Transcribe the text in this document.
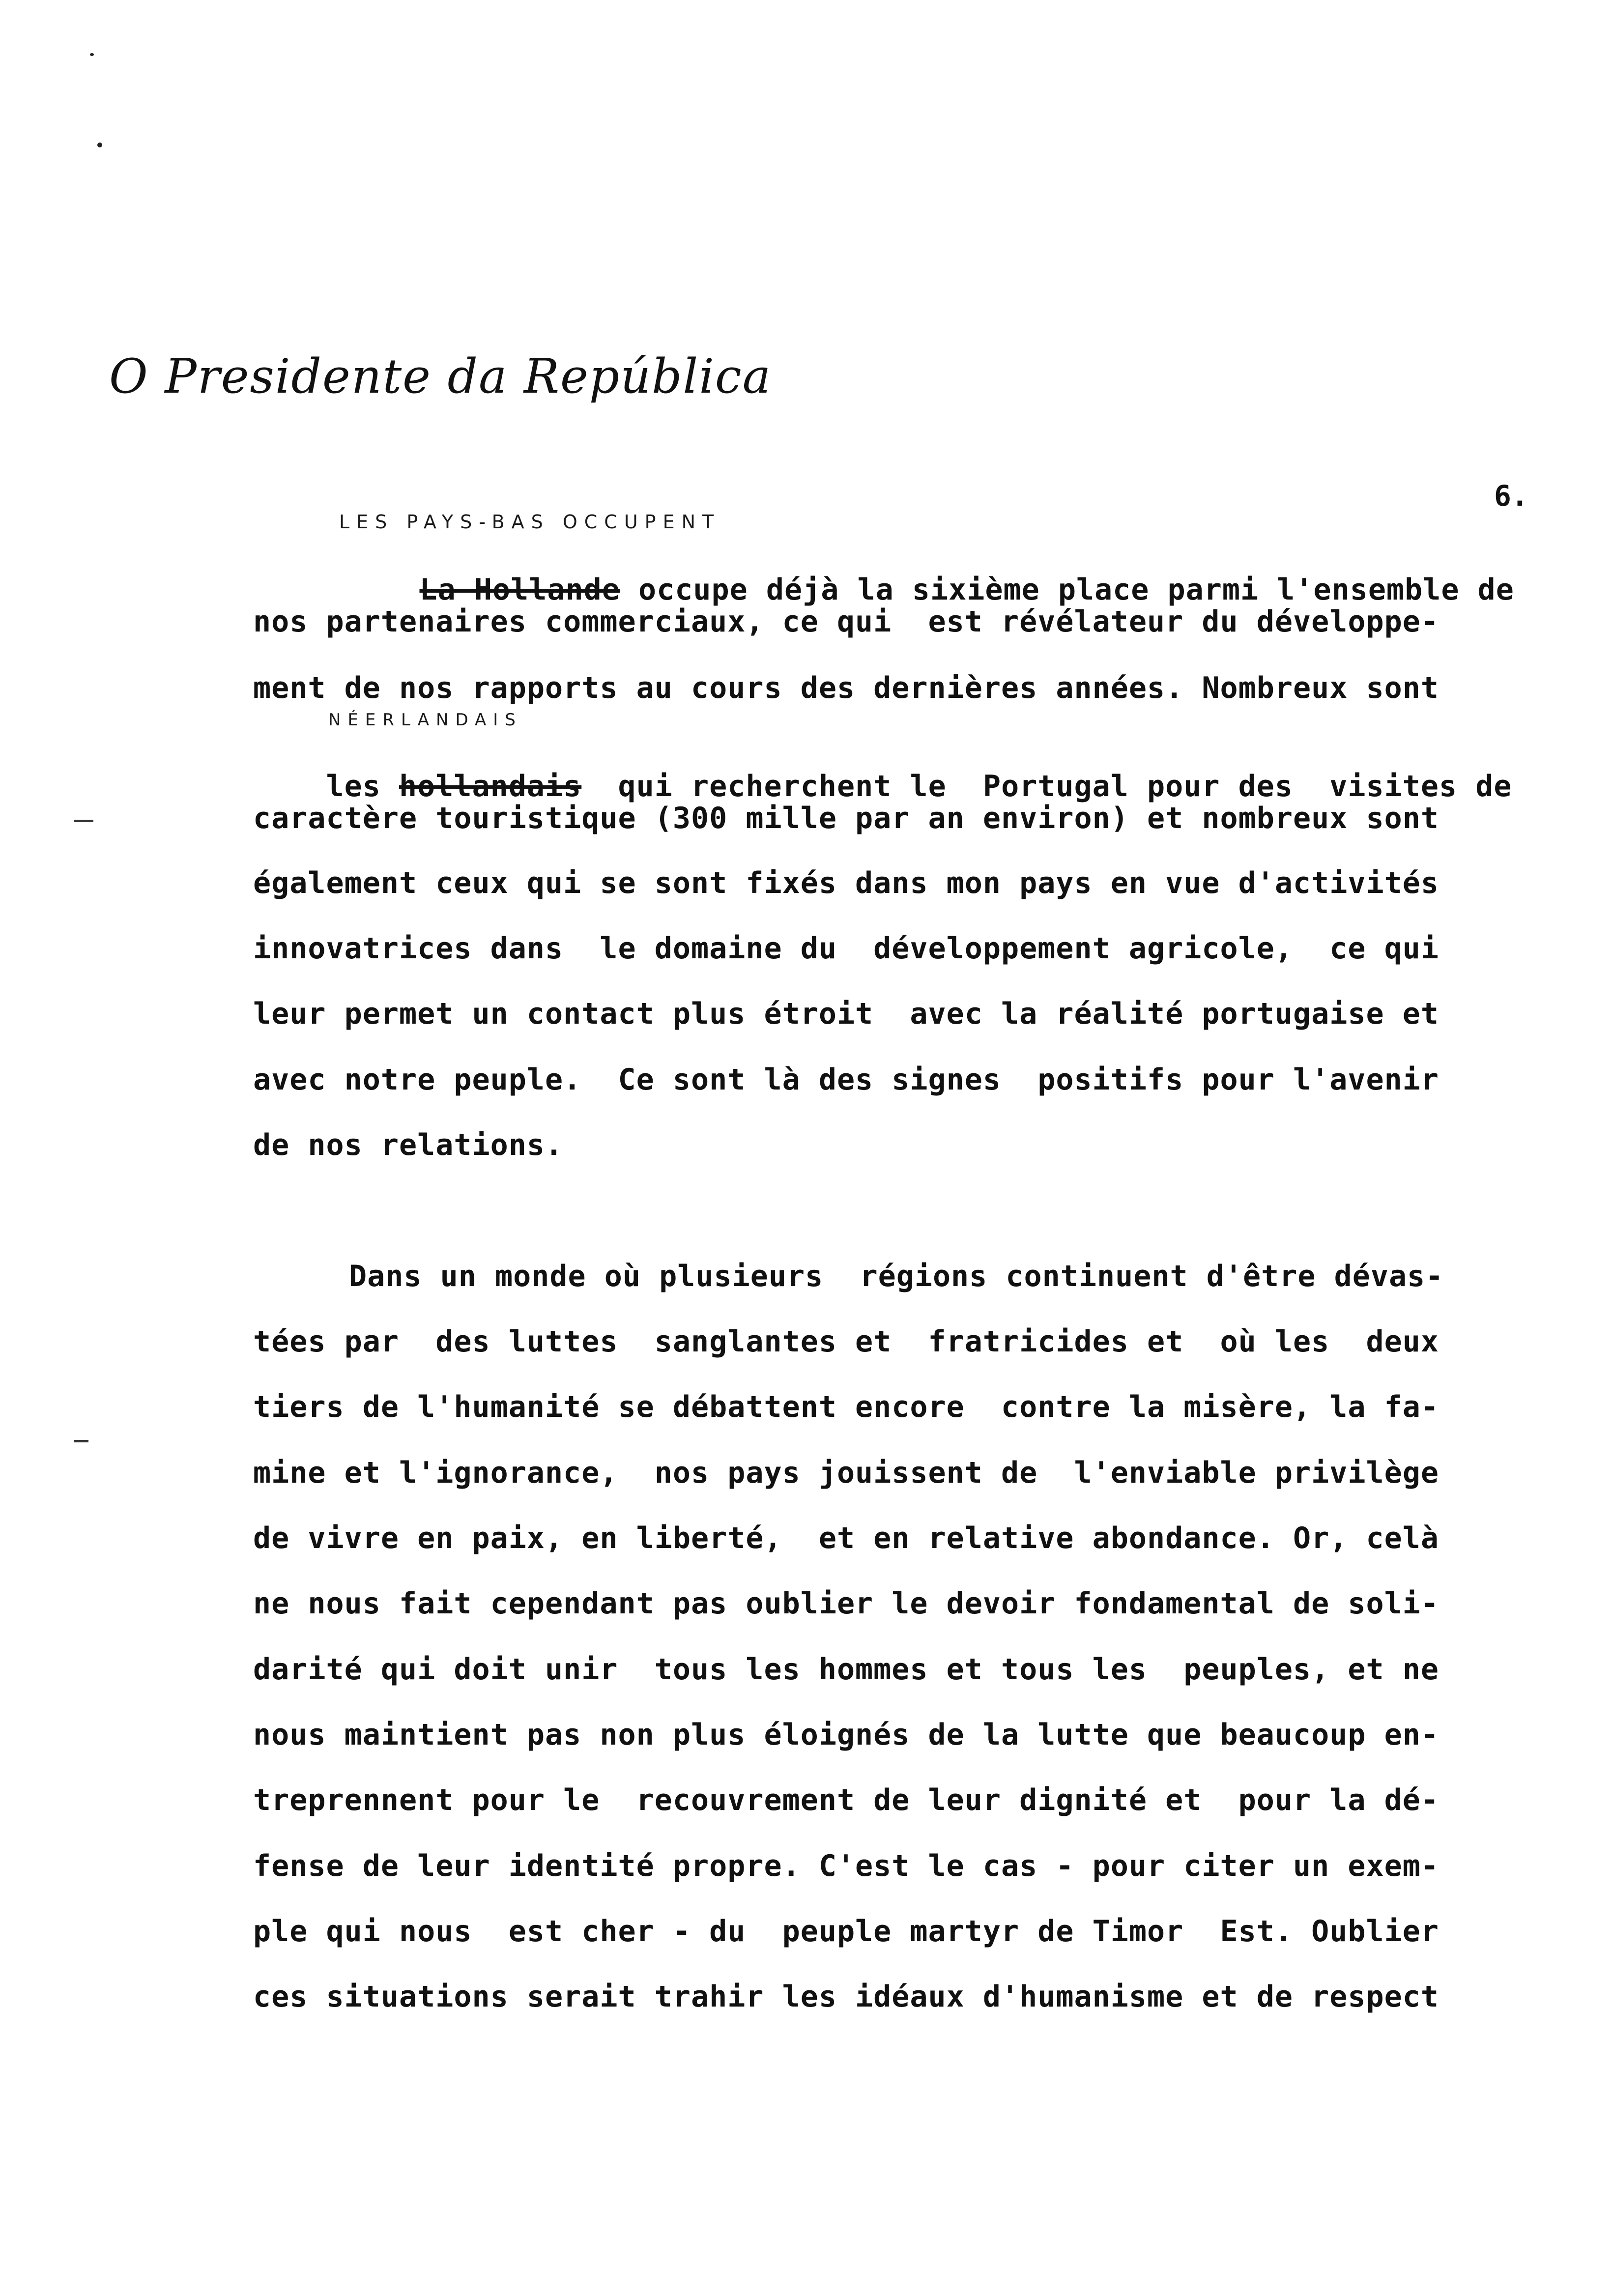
O Presidente da República
6.
LES PAYS-BAS OCCUPENT
NÉERLANDAIS

La Hollande occupe déjà la sixième place parmi l'ensemble de

nos partenaires commerciaux, ce qui  est révélateur du développe-
ment de nos rapports au cours des dernières années. Nombreux sont

les hollandais  qui recherchent le  Portugal pour des  visites de

caractère touristique (300 mille par an environ) et nombreux sont
également ceux qui se sont fixés dans mon pays en vue d'activités
innovatrices dans  le domaine du  développement agricole,  ce qui
leur permet un contact plus étroit  avec la réalité portugaise et
avec notre peuple.  Ce sont là des signes  positifs pour l'avenir
de nos relations.
Dans un monde où plusieurs  régions continuent d'être dévas-
tées par  des luttes  sanglantes et  fratricides et  où les  deux
tiers de l'humanité se débattent encore  contre la misère, la fa-
mine et l'ignorance,  nos pays jouissent de  l'enviable privilège
de vivre en paix, en liberté,  et en relative abondance. Or, celà
ne nous fait cependant pas oublier le devoir fondamental de soli-
darité qui doit unir  tous les hommes et tous les  peuples, et ne
nous maintient pas non plus éloignés de la lutte que beaucoup en-
treprennent pour le  recouvrement de leur dignité et  pour la dé-
fense de leur identité propre. C'est le cas - pour citer un exem-
ple qui nous  est cher - du  peuple martyr de Timor  Est. Oublier
ces situations serait trahir les idéaux d'humanisme et de respect
